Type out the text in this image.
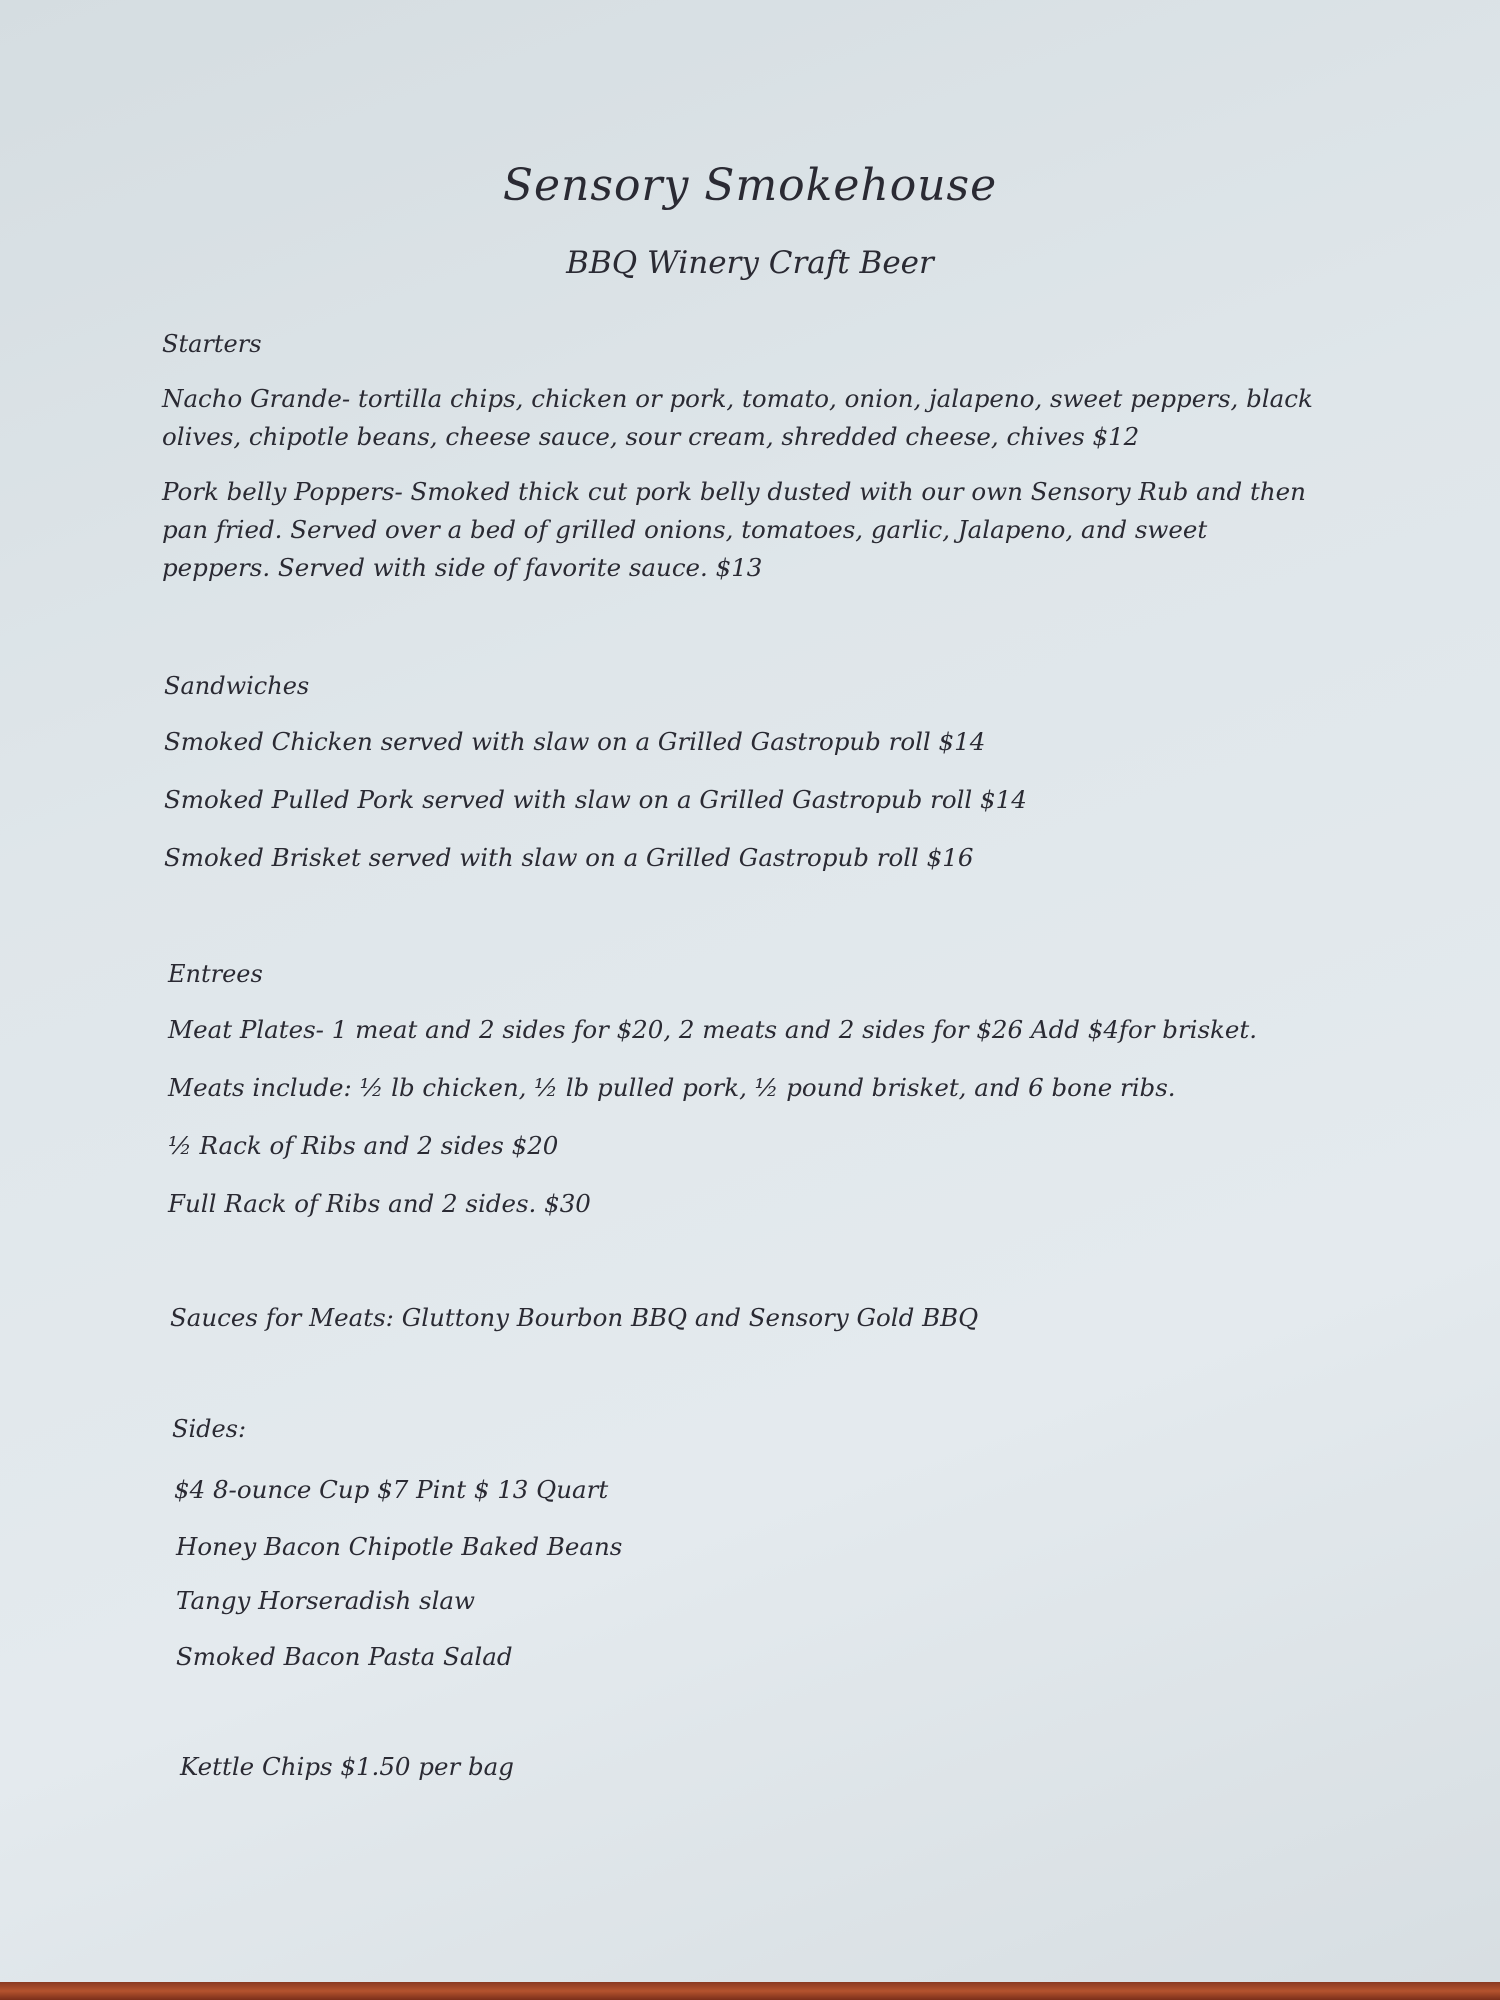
Sensory Smokehouse
BBQ Winery Craft Beer
Starters
Nacho Grande- tortilla chips, chicken or pork, tomato, onion, jalapeno, sweet peppers, black olives, chipotle beans, cheese sauce, sour cream, shredded cheese, chives $12
Pork belly Poppers- Smoked thick cut pork belly dusted with our own Sensory Rub and then pan fried. Served over a bed of grilled onions, tomatoes, garlic, Jalapeno, and sweet peppers. Served with side of favorite sauce. $13
Sandwiches
Smoked Chicken served with slaw on a Grilled Gastropub roll $14
Smoked Pulled Pork served with slaw on a Grilled Gastropub roll $14
Smoked Brisket served with slaw on a Grilled Gastropub roll $16
Entrees
Meat Plates- 1 meat and 2 sides for $20, 2 meats and 2 sides for $26 Add $4for brisket.
Meats include: ½ lb chicken, ½ lb pulled pork, ½ pound brisket, and 6 bone ribs.
½ Rack of Ribs and 2 sides $20
Full Rack of Ribs and 2 sides. $30
Sauces for Meats: Gluttony Bourbon BBQ and Sensory Gold BBQ
Sides:
$4 8-ounce Cup $7 Pint $ 13 Quart
Honey Bacon Chipotle Baked Beans
Tangy Horseradish slaw
Smoked Bacon Pasta Salad
Kettle Chips $1.50 per bag
